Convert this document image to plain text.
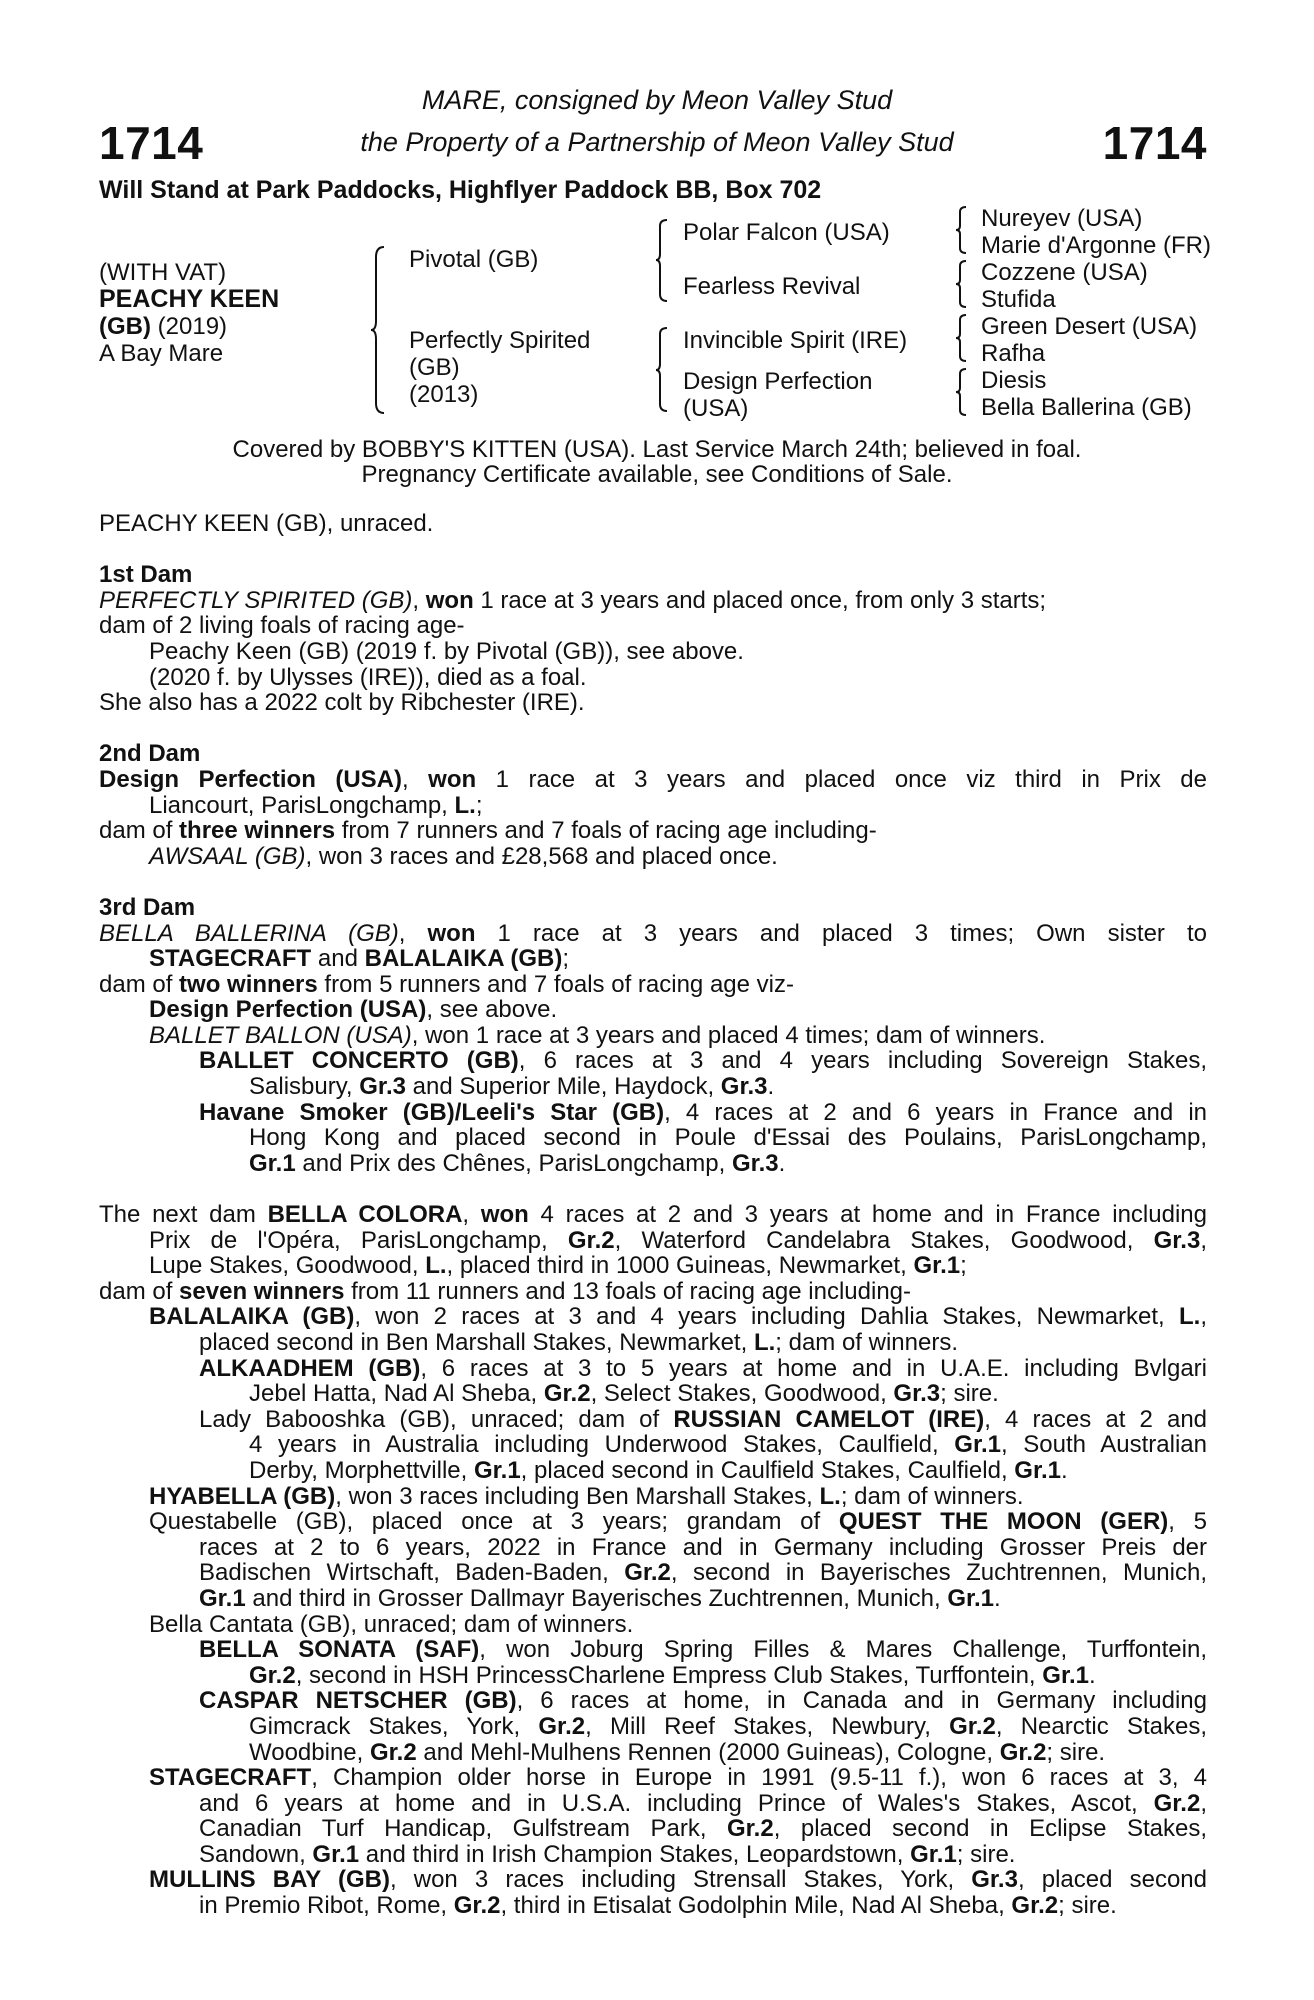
1714	1714
MARE, consigned by Meon Valley Stud
the Property of a Partnership of Meon Valley Stud
Will Stand at Park Paddocks, Highflyer Paddock BB, Box 702
(WITH VAT)
PEACHY KEEN
(GB) (2019)
A Bay Mare
Pivotal (GB)
Perfectly Spirited
(GB)
(2013)
Polar Falcon (USA)
Fearless Revival
Invincible Spirit (IRE)
Design Perfection
(USA)
Nureyev (USA)
Marie d'Argonne (FR)
Cozzene (USA)
Stufida
Green Desert (USA)
Rafha
Diesis
Bella Ballerina (GB)
Covered by BOBBY'S KITTEN (USA). Last Service March 24th; believed in foal.
Pregnancy Certificate available, see Conditions of Sale.

PEACHY KEEN (GB), unraced.

1st Dam

PERFECTLY SPIRITED (GB), won 1 race at 3 years and placed once, from only 3 starts;

dam of 2 living foals of racing age-

Peachy Keen (GB) (2019 f. by Pivotal (GB)), see above.

(2020 f. by Ulysses (IRE)), died as a foal.

She also has a 2022 colt by Ribchester (IRE).

2nd Dam

Design Perfection (USA), won 1 race at 3 years and placed once viz third in Prix de

Liancourt, ParisLongchamp, L.;

dam of three winners from 7 runners and 7 foals of racing age including-

AWSAAL (GB), won 3 races and £28,568 and placed once.

3rd Dam

BELLA BALLERINA (GB), won 1 race at 3 years and placed 3 times; Own sister to

STAGECRAFT and BALALAIKA (GB);

dam of two winners from 5 runners and 7 foals of racing age viz-

Design Perfection (USA), see above.

BALLET BALLON (USA), won 1 race at 3 years and placed 4 times; dam of winners.

BALLET CONCERTO (GB), 6 races at 3 and 4 years including Sovereign Stakes,

Salisbury, Gr.3 and Superior Mile, Haydock, Gr.3.

Havane Smoker (GB)/Leeli's Star (GB), 4 races at 2 and 6 years in France and in

Hong Kong and placed second in Poule d'Essai des Poulains, ParisLongchamp,

Gr.1 and Prix des Chênes, ParisLongchamp, Gr.3.

The next dam BELLA COLORA, won 4 races at 2 and 3 years at home and in France including

Prix de l'Opéra, ParisLongchamp, Gr.2, Waterford Candelabra Stakes, Goodwood, Gr.3,

Lupe Stakes, Goodwood, L., placed third in 1000 Guineas, Newmarket, Gr.1;

dam of seven winners from 11 runners and 13 foals of racing age including-

BALALAIKA (GB), won 2 races at 3 and 4 years including Dahlia Stakes, Newmarket, L.,

placed second in Ben Marshall Stakes, Newmarket, L.; dam of winners.

ALKAADHEM (GB), 6 races at 3 to 5 years at home and in U.A.E. including Bvlgari

Jebel Hatta, Nad Al Sheba, Gr.2, Select Stakes, Goodwood, Gr.3; sire.

Lady Babooshka (GB), unraced; dam of RUSSIAN CAMELOT (IRE), 4 races at 2 and

4 years in Australia including Underwood Stakes, Caulfield, Gr.1, South Australian

Derby, Morphettville, Gr.1, placed second in Caulfield Stakes, Caulfield, Gr.1.

HYABELLA (GB), won 3 races including Ben Marshall Stakes, L.; dam of winners.

Questabelle (GB), placed once at 3 years; grandam of QUEST THE MOON (GER), 5

races at 2 to 6 years, 2022 in France and in Germany including Grosser Preis der

Badischen Wirtschaft, Baden-Baden, Gr.2, second in Bayerisches Zuchtrennen, Munich,

Gr.1 and third in Grosser Dallmayr Bayerisches Zuchtrennen, Munich, Gr.1.

Bella Cantata (GB), unraced; dam of winners.

BELLA SONATA (SAF), won Joburg Spring Filles & Mares Challenge, Turffontein,

Gr.2, second in HSH PrincessCharlene Empress Club Stakes, Turffontein, Gr.1.

CASPAR NETSCHER (GB), 6 races at home, in Canada and in Germany including

Gimcrack Stakes, York, Gr.2, Mill Reef Stakes, Newbury, Gr.2, Nearctic Stakes,

Woodbine, Gr.2 and Mehl-Mulhens Rennen (2000 Guineas), Cologne, Gr.2; sire.

STAGECRAFT, Champion older horse in Europe in 1991 (9.5-11 f.), won 6 races at 3, 4

and 6 years at home and in U.S.A. including Prince of Wales's Stakes, Ascot, Gr.2,

Canadian Turf Handicap, Gulfstream Park, Gr.2, placed second in Eclipse Stakes,

Sandown, Gr.1 and third in Irish Champion Stakes, Leopardstown, Gr.1; sire.

MULLINS BAY (GB), won 3 races including Strensall Stakes, York, Gr.3, placed second

in Premio Ribot, Rome, Gr.2, third in Etisalat Godolphin Mile, Nad Al Sheba, Gr.2; sire.
